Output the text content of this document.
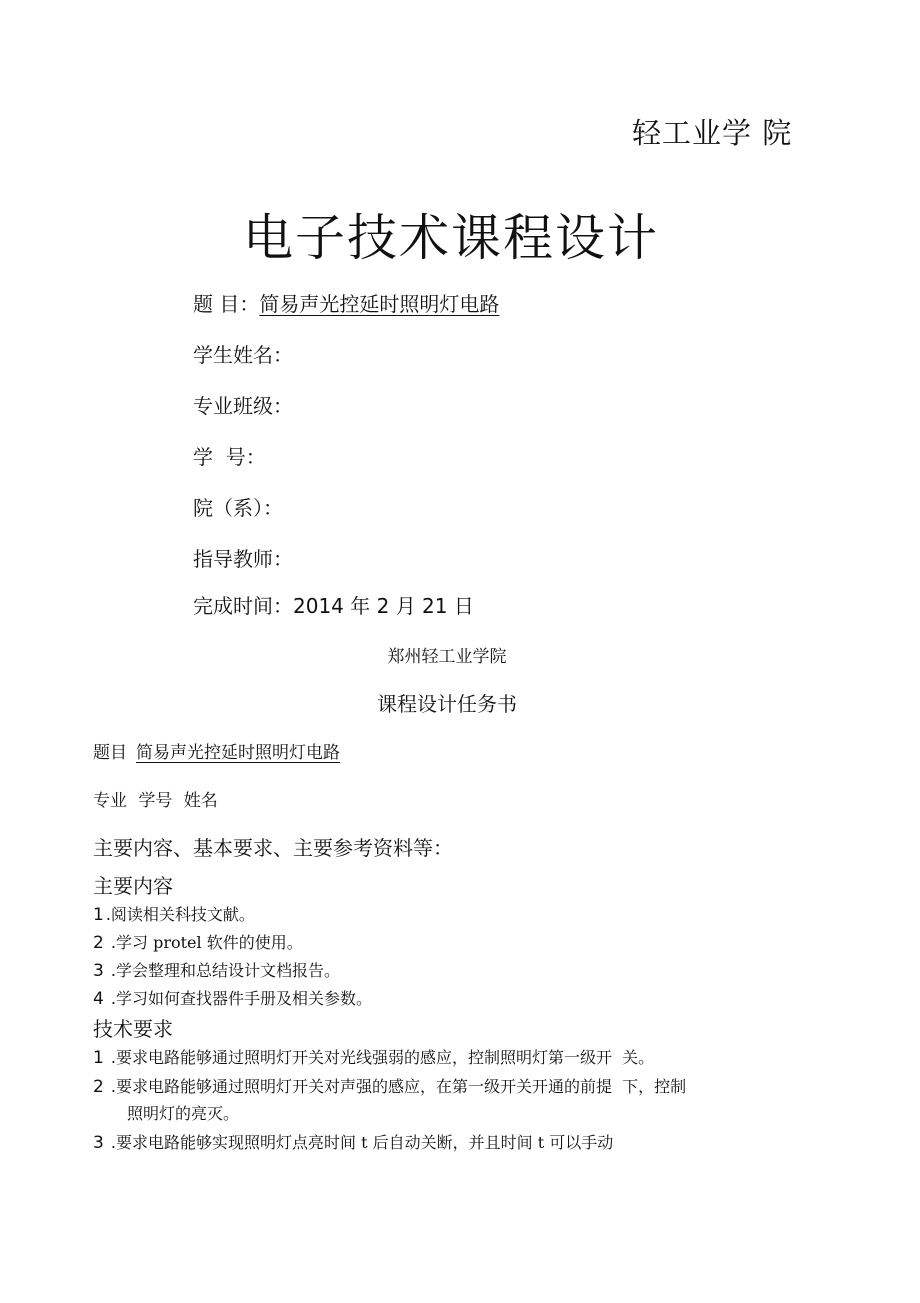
轻工业学 院
电子技术课程设计
题 目：简易声光控延时照明灯电路
学生姓名：
专业班级：
学  号：
院（系）：
指导教师：
完成时间：2014 年 2 月 21 日
郑州轻工业学院
课程设计任务书
题目 简易声光控延时照明灯电路
专业 学号 姓名
主要内容、基本要求、主要参考资料等：
主要内容
1 .阅读相关科技文献。
2 .学习 protel 软件的使用。
3 .学会整理和总结设计文档报告。
4 .学习如何查找器件手册及相关参数。
技术要求
1 .要求电路能够通过照明灯开关对光线强弱的感应，控制照明灯第一级开  关。
2 .要求电路能够通过照明灯开关对声强的感应，在第一级开关开通的前提  下，控制
照明灯的亮灭。
3 .要求电路能够实现照明灯点亮时间 t 后自动关断，并且时间 t 可以手动
